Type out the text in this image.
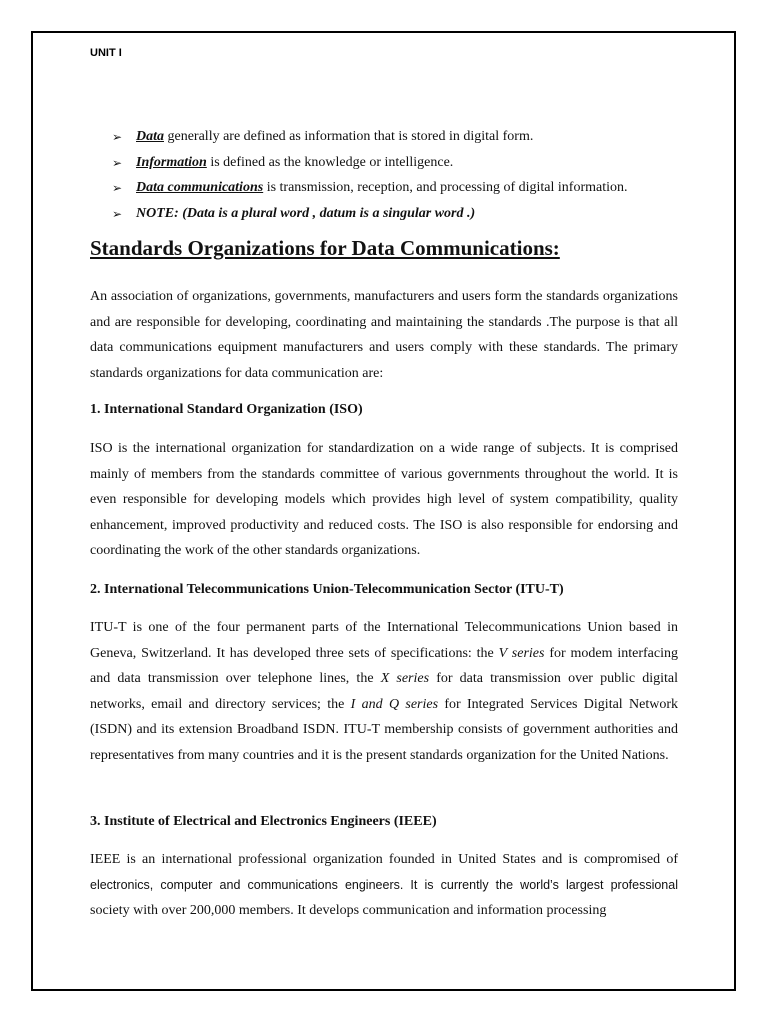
UNIT I
➢ Data generally are defined as information that is stored in digital form.
➢ Information is defined as the knowledge or intelligence.
➢ Data communications is transmission, reception, and processing of digital information.
➢ NOTE: (Data is a plural word , datum is a singular word .)
Standards Organizations for Data Communications:

An association of organizations, governments, manufacturers and users form the standards organizations and are responsible for developing, coordinating and maintaining the standards .The purpose is that all data communications equipment manufacturers and users comply with these standards. The primary standards organizations for data communication are:

1. International Standard Organization (ISO)

ISO is the international organization for standardization on a wide range of subjects. It is comprised mainly of members from the standards committee of various governments throughout the world. It is even responsible for developing models which provides high level of system compatibility, quality enhancement, improved productivity and reduced costs. The ISO is also responsible for endorsing and coordinating the work of the other standards organizations.

2. International Telecommunications Union-Telecommunication Sector (ITU-T)

ITU-T is one of the four permanent parts of the International Telecommunications Union based in Geneva, Switzerland. It has developed three sets of specifications: the V series for modem interfacing and data transmission over telephone lines, the X series for data transmission over public digital networks, email and directory services; the I and Q series for Integrated Services Digital Network (ISDN) and its extension Broadband ISDN. ITU-T membership consists of government authorities and representatives from many countries and it is the present standards organization for the United Nations.

3. Institute of Electrical and Electronics Engineers (IEEE)

IEEE is an international professional organization founded in United States and is compromised of electronics, computer and communications engineers. It is currently the world’s largest professional society with over 200,000 members. It develops communication and information processing
